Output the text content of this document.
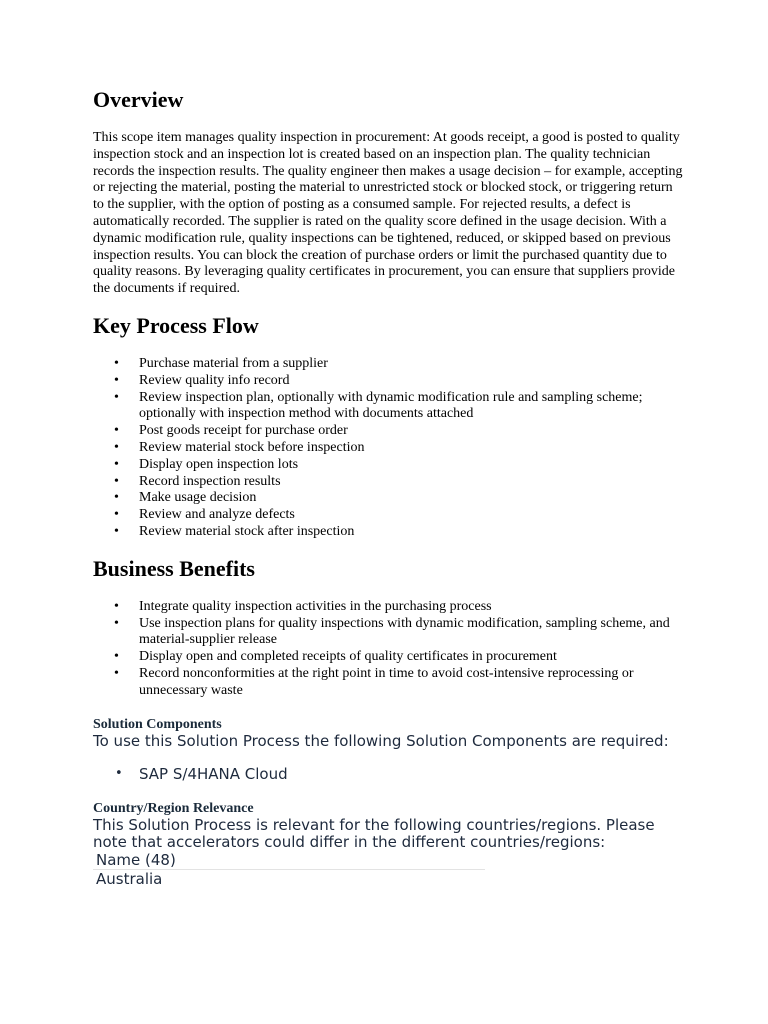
Overview

This scope item manages quality inspection in procurement: At goods receipt, a good is posted to quality inspection stock and an inspection lot is created based on an inspection plan. The quality technician records the inspection results. The quality engineer then makes a usage decision – for example, accepting or rejecting the material, posting the material to unrestricted stock or blocked stock, or triggering return to the supplier, with the option of posting as a consumed sample. For rejected results, a defect is automatically recorded. The supplier is rated on the quality score defined in the usage decision. With a dynamic modification rule, quality inspections can be tightened, reduced, or skipped based on previous inspection results. You can block the creation of purchase orders or limit the purchased quantity due to quality reasons. By leveraging quality certificates in procurement, you can ensure that suppliers provide the documents if required.

Key Process Flow
• Purchase material from a supplier
• Review quality info record
• Review inspection plan, optionally with dynamic modification rule and sampling scheme; optionally with inspection method with documents attached
• Post goods receipt for purchase order
• Review material stock before inspection
• Display open inspection lots
• Record inspection results
• Make usage decision
• Review and analyze defects
• Review material stock after inspection
Business Benefits
• Integrate quality inspection activities in the purchasing process
• Use inspection plans for quality inspections with dynamic modification, sampling scheme, and material-supplier release
• Display open and completed receipts of quality certificates in procurement
• Record nonconformities at the right point in time to avoid cost-intensive reprocessing or unnecessary waste
Solution Components

To use this Solution Process the following Solution Components are required:

• SAP S/4HANA Cloud
Country/Region Relevance

This Solution Process is relevant for the following countries/regions. Please note that accelerators could differ in the different countries/regions:

Name (48)
Australia
